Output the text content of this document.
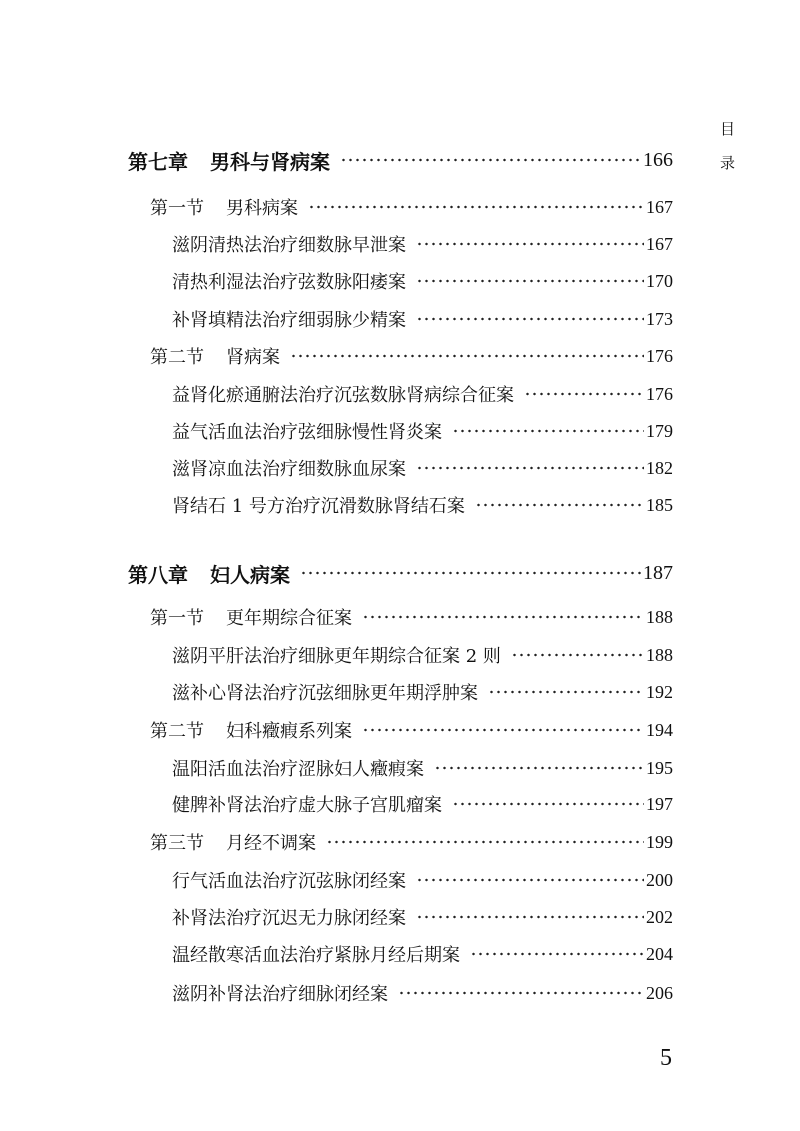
目
录
第七章 男科与肾病案	166
第一节 男科病案	167
滋阴清热法治疗细数脉早泄案	167
清热利湿法治疗弦数脉阳痿案	170
补肾填精法治疗细弱脉少精案	173
第二节 肾病案	176
益肾化瘀通腑法治疗沉弦数脉肾病综合征案	176
益气活血法治疗弦细脉慢性肾炎案	179
滋肾凉血法治疗细数脉血尿案	182
肾结石 1 号方治疗沉滑数脉肾结石案	185
第八章 妇人病案	187
第一节 更年期综合征案	188
滋阴平肝法治疗细脉更年期综合征案 2 则	188
滋补心肾法治疗沉弦细脉更年期浮肿案	192
第二节 妇科癥瘕系列案	194
温阳活血法治疗涩脉妇人癥瘕案	195
健脾补肾法治疗虚大脉子宫肌瘤案	197
第三节 月经不调案	199
行气活血法治疗沉弦脉闭经案	200
补肾法治疗沉迟无力脉闭经案	202
温经散寒活血法治疗紧脉月经后期案	204
滋阴补肾法治疗细脉闭经案	206
5
